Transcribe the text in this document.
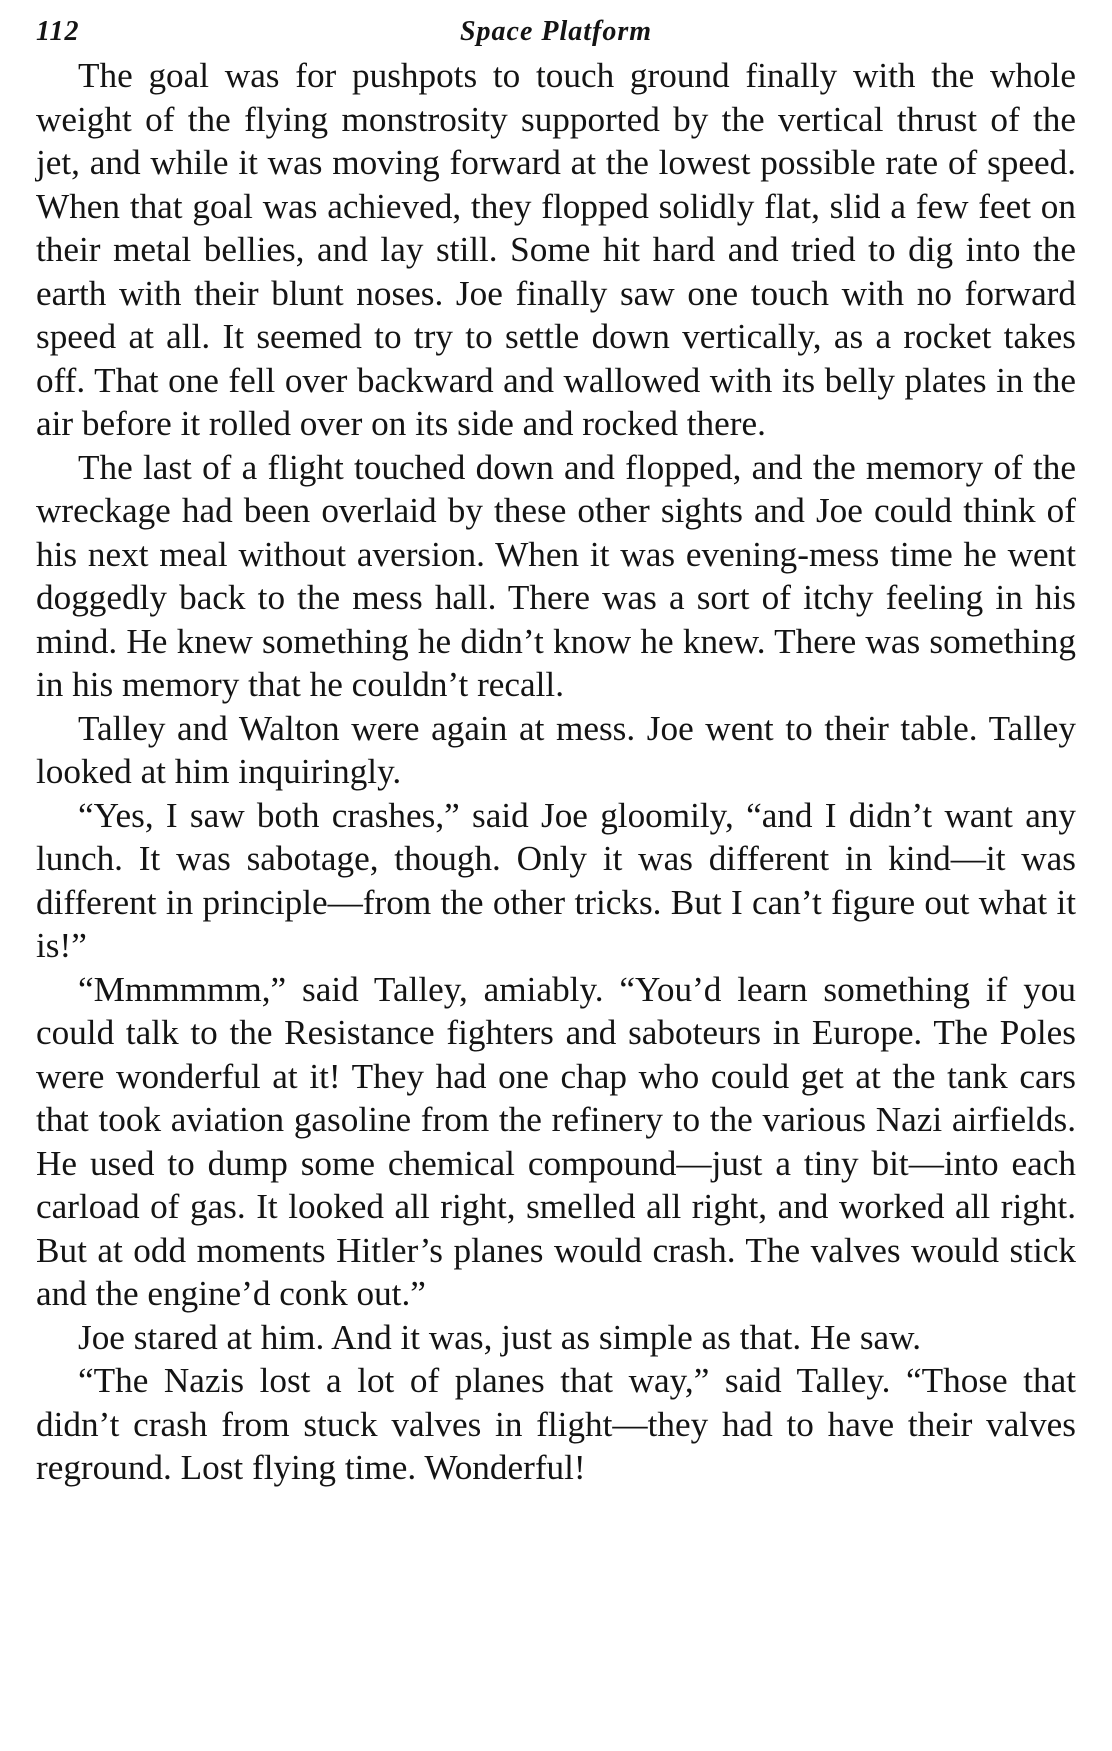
112	Space Platform

The goal was for pushpots to touch ground finally with the whole weight of the flying monstrosity supported by the vertical thrust of the jet, and while it was moving forward at the lowest possible rate of speed. When that goal was achieved, they flopped solidly flat, slid a few feet on their metal bellies, and lay still. Some hit hard and tried to dig into the earth with their blunt noses. Joe finally saw one touch with no forward speed at all. It seemed to try to settle down vertically, as a rocket takes off. That one fell over backward and wallowed with its belly plates in the air before it rolled over on its side and rocked there.

The last of a flight touched down and flopped, and the memory of the wreckage had been overlaid by these other sights and Joe could think of his next meal without aversion. When it was evening-mess time he went doggedly back to the mess hall. There was a sort of itchy feeling in his mind. He knew something he didn’t know he knew. There was something in his memory that he couldn’t recall.

Talley and Walton were again at mess. Joe went to their table. Talley looked at him inquiringly.

“Yes, I saw both crashes,” said Joe gloomily, “and I didn’t want any lunch. It was sabotage, though. Only it was different in kind—it was different in principle—from the other tricks. But I can’t figure out what it is!”

“Mmmmmm,” said Talley, amiably. “You’d learn something if you could talk to the Resistance fighters and saboteurs in Europe. The Poles were wonderful at it! They had one chap who could get at the tank cars that took aviation gasoline from the refinery to the various Nazi airfields. He used to dump some chemical compound—just a tiny bit—into each carload of gas. It looked all right, smelled all right, and worked all right. But at odd moments Hitler’s planes would crash. The valves would stick and the engine’d conk out.”

Joe stared at him. And it was, just as simple as that. He saw.

“The Nazis lost a lot of planes that way,” said Talley. “Those that didn’t crash from stuck valves in flight—they had to have their valves reground. Lost flying time. Wonderful!
